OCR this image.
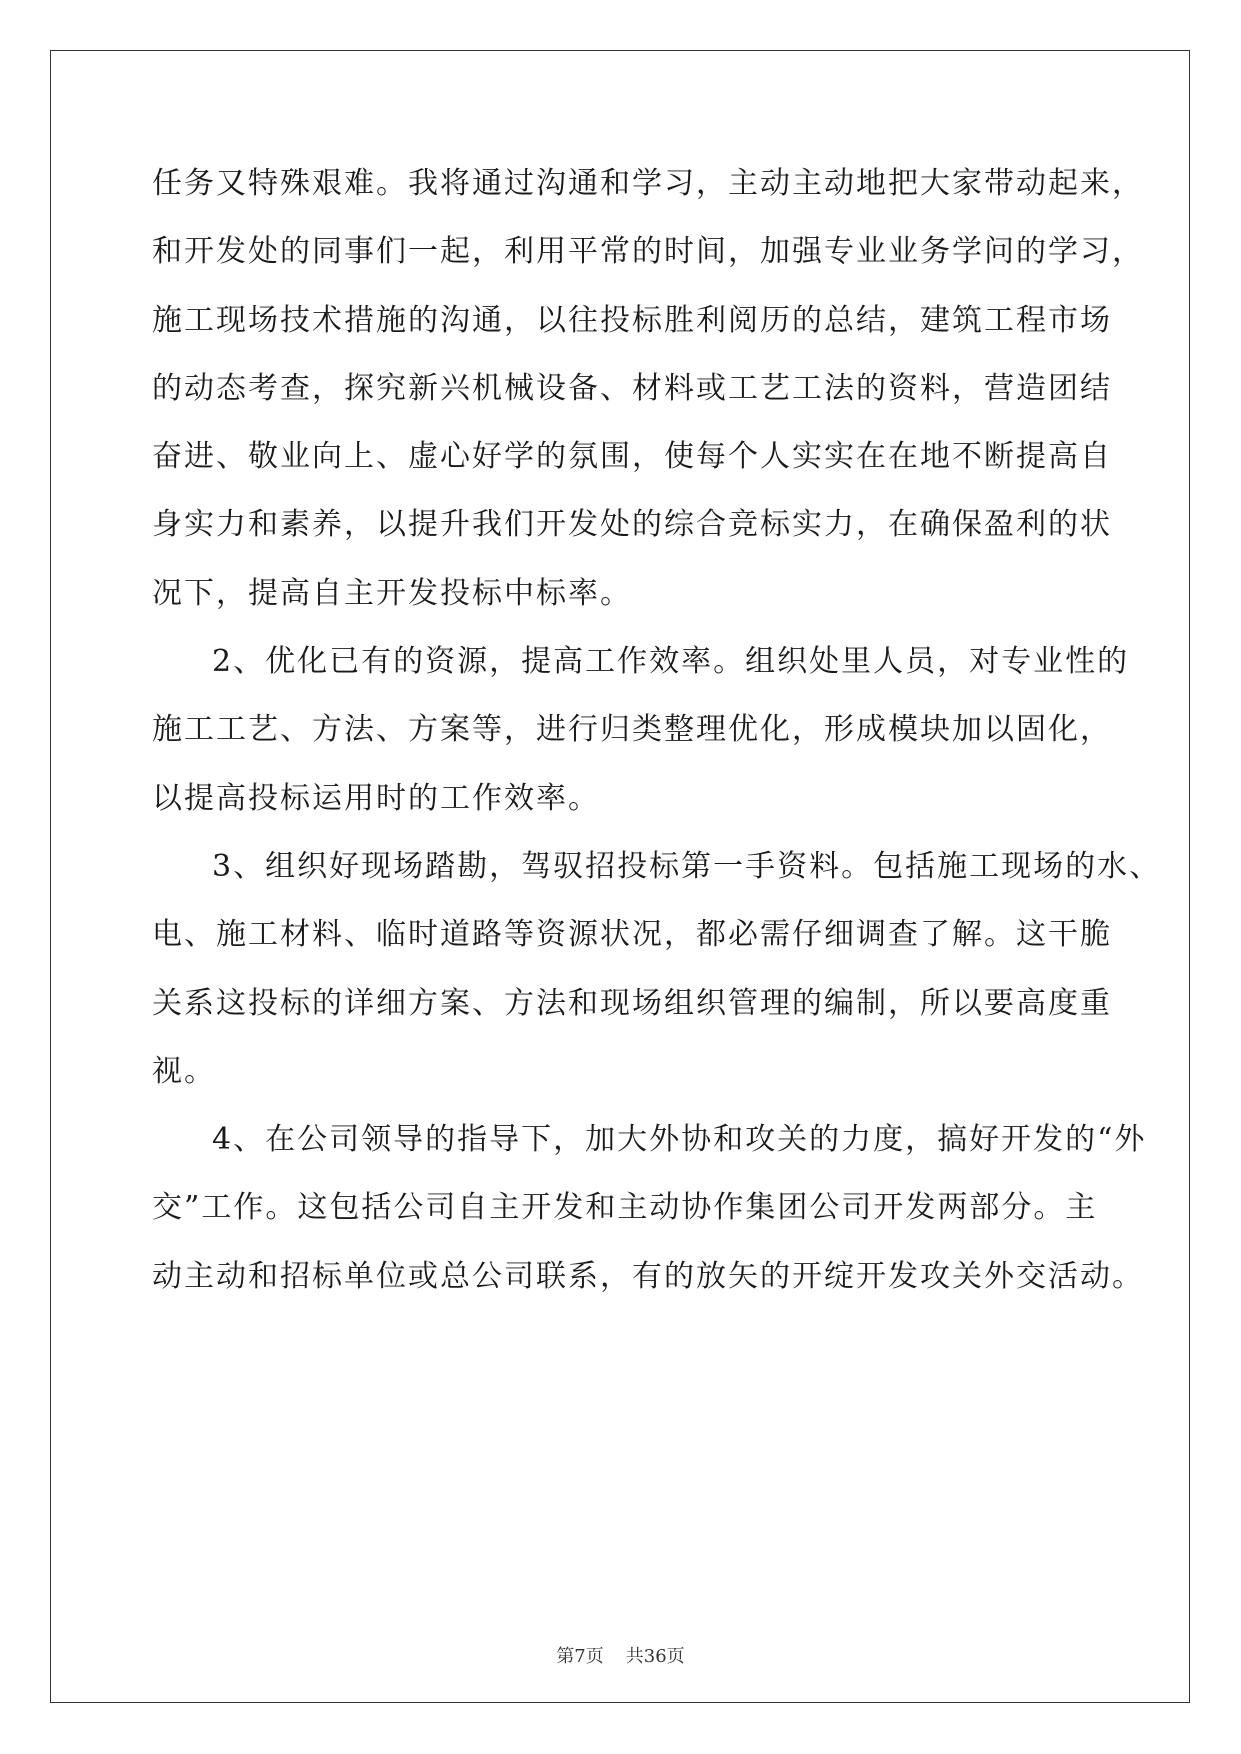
任务又特殊艰难。我将通过沟通和学习，主动主动地把大家带动起来，
和开发处的同事们一起，利用平常的时间，加强专业业务学问的学习，
施工现场技术措施的沟通，以往投标胜利阅历的总结，建筑工程市场
的动态考查，探究新兴机械设备、材料或工艺工法的资料，营造团结
奋进、敬业向上、虚心好学的氛围，使每个人实实在在地不断提高自
身实力和素养，以提升我们开发处的综合竞标实力，在确保盈利的状
况下，提高自主开发投标中标率。
2、优化已有的资源，提高工作效率。组织处里人员，对专业性的
施工工艺、方法、方案等，进行归类整理优化，形成模块加以固化，
以提高投标运用时的工作效率。
3、组织好现场踏勘，驾驭招投标第一手资料。包括施工现场的水、
电、施工材料、临时道路等资源状况，都必需仔细调查了解。这干脆
关系这投标的详细方案、方法和现场组织管理的编制，所以要高度重
视。
4、在公司领导的指导下，加大外协和攻关的力度，搞好开发的“外
交”工作。这包括公司自主开发和主动协作集团公司开发两部分。主
动主动和招标单位或总公司联系，有的放矢的开绽开发攻关外交活动。
第7页 共36页
